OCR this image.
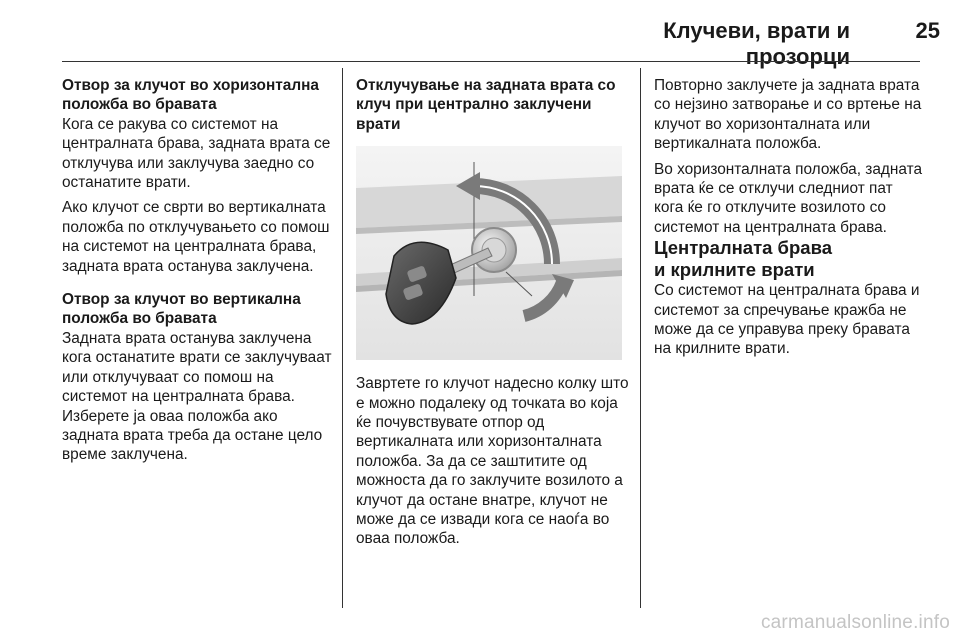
Клучеви, врати и прозорци
25

Отвор за клучот во хоризонтална положба во бравата

Кога се ракува со системот на централната брава, задната врата се отклучува или заклучува заедно со останатите врати.

Ако клучот се сврти во вертикалната положба по отклучувањето со помош на системот на централната брава, задната врата останува заклучена.

Отвор за клучот во вертикална положба во бравата

Задната врата останува заклучена кога останатите врати се заклучуваат или отклучуваат со помош на системот на централната брава. Изберете ја оваа положба ако задната врата треба да остане цело време заклучена.

Отклучување на задната врата со клуч при централно заклучени врати

Завртете го клучот надесно колку што е можно подалеку од точката во која ќе почувствувате отпор од вертикалната или хоризонталната положба. За да се заштитите од можноста да го заклучите возилото а клучот да остане внатре, клучот не може да се извади кога се наоѓа во оваа положба.

Повторно заклучете ја задната врата со нејзино затворање и со вртење на клучот во хоризонталната или вертикалната положба.

Во хоризонталната положба, задната врата ќе се отклучи следниот пат кога ќе го отклучите возилото со системот на централната брава.

Централната брава
и крилните врати

Со системот на централната брава и системот за спречување кражба не може да се управува преку бравата на крилните врати.

carmanualsonline.info
